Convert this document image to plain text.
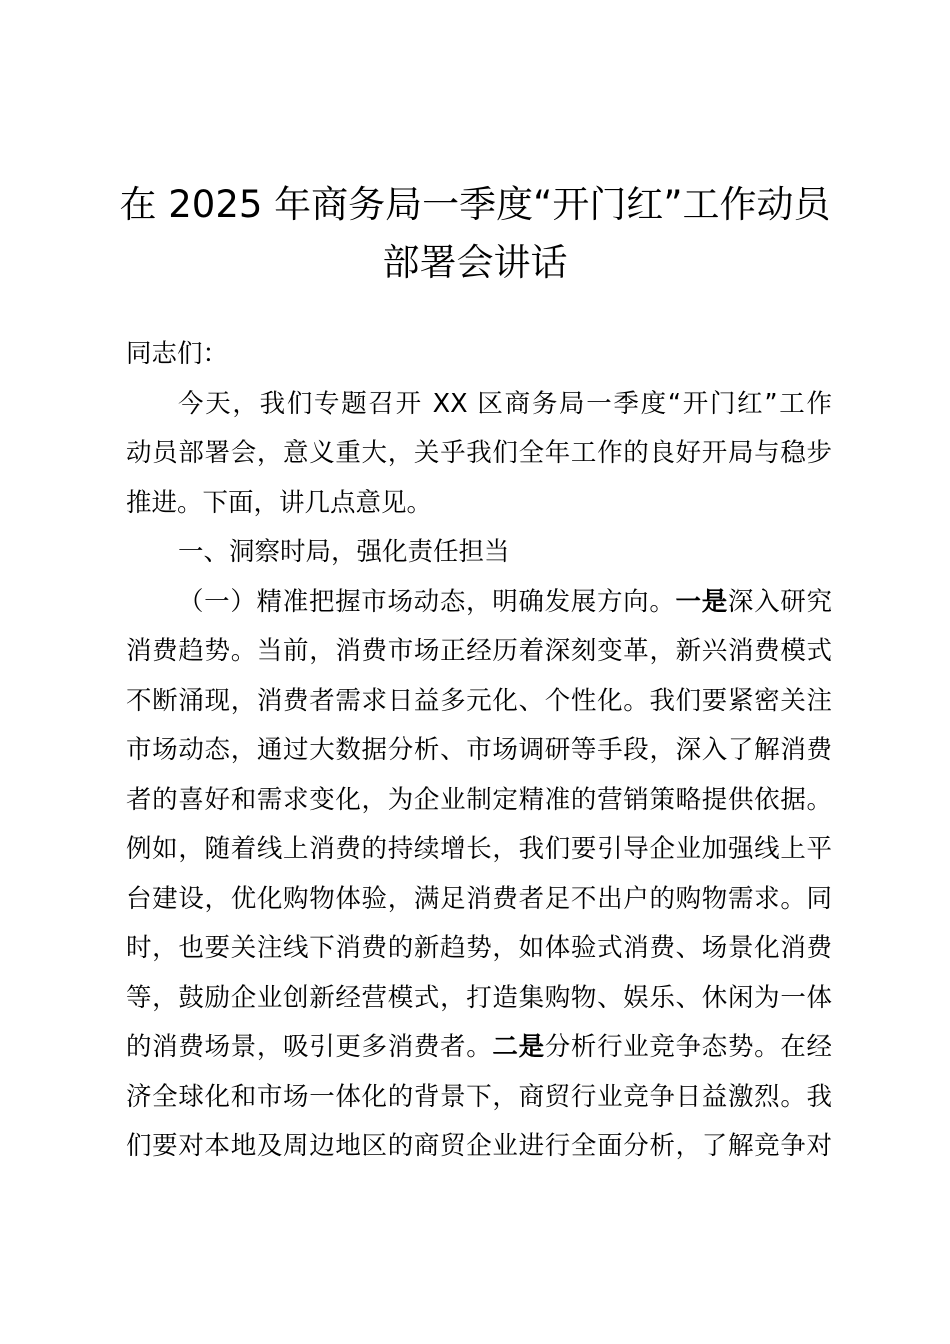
在 2025 年商务局一季度“开门红”工作动员
部署会讲话
同志们：
今天，我们专题召开 XX 区商务局一季度“开门红”工作
动员部署会，意义重大，关乎我们全年工作的良好开局与稳步
推进。下面，讲几点意见。
一、洞察时局，强化责任担当
（一）精准把握市场动态，明确发展方向。一是深入研究
消费趋势。当前，消费市场正经历着深刻变革，新兴消费模式
不断涌现，消费者需求日益多元化、个性化。我们要紧密关注
市场动态，通过大数据分析、市场调研等手段，深入了解消费
者的喜好和需求变化，为企业制定精准的营销策略提供依据。
例如，随着线上消费的持续增长，我们要引导企业加强线上平
台建设，优化购物体验，满足消费者足不出户的购物需求。同
时，也要关注线下消费的新趋势，如体验式消费、场景化消费
等，鼓励企业创新经营模式，打造集购物、娱乐、休闲为一体
的消费场景，吸引更多消费者。二是分析行业竞争态势。在经
济全球化和市场一体化的背景下，商贸行业竞争日益激烈。我
们要对本地及周边地区的商贸企业进行全面分析，了解竞争对
